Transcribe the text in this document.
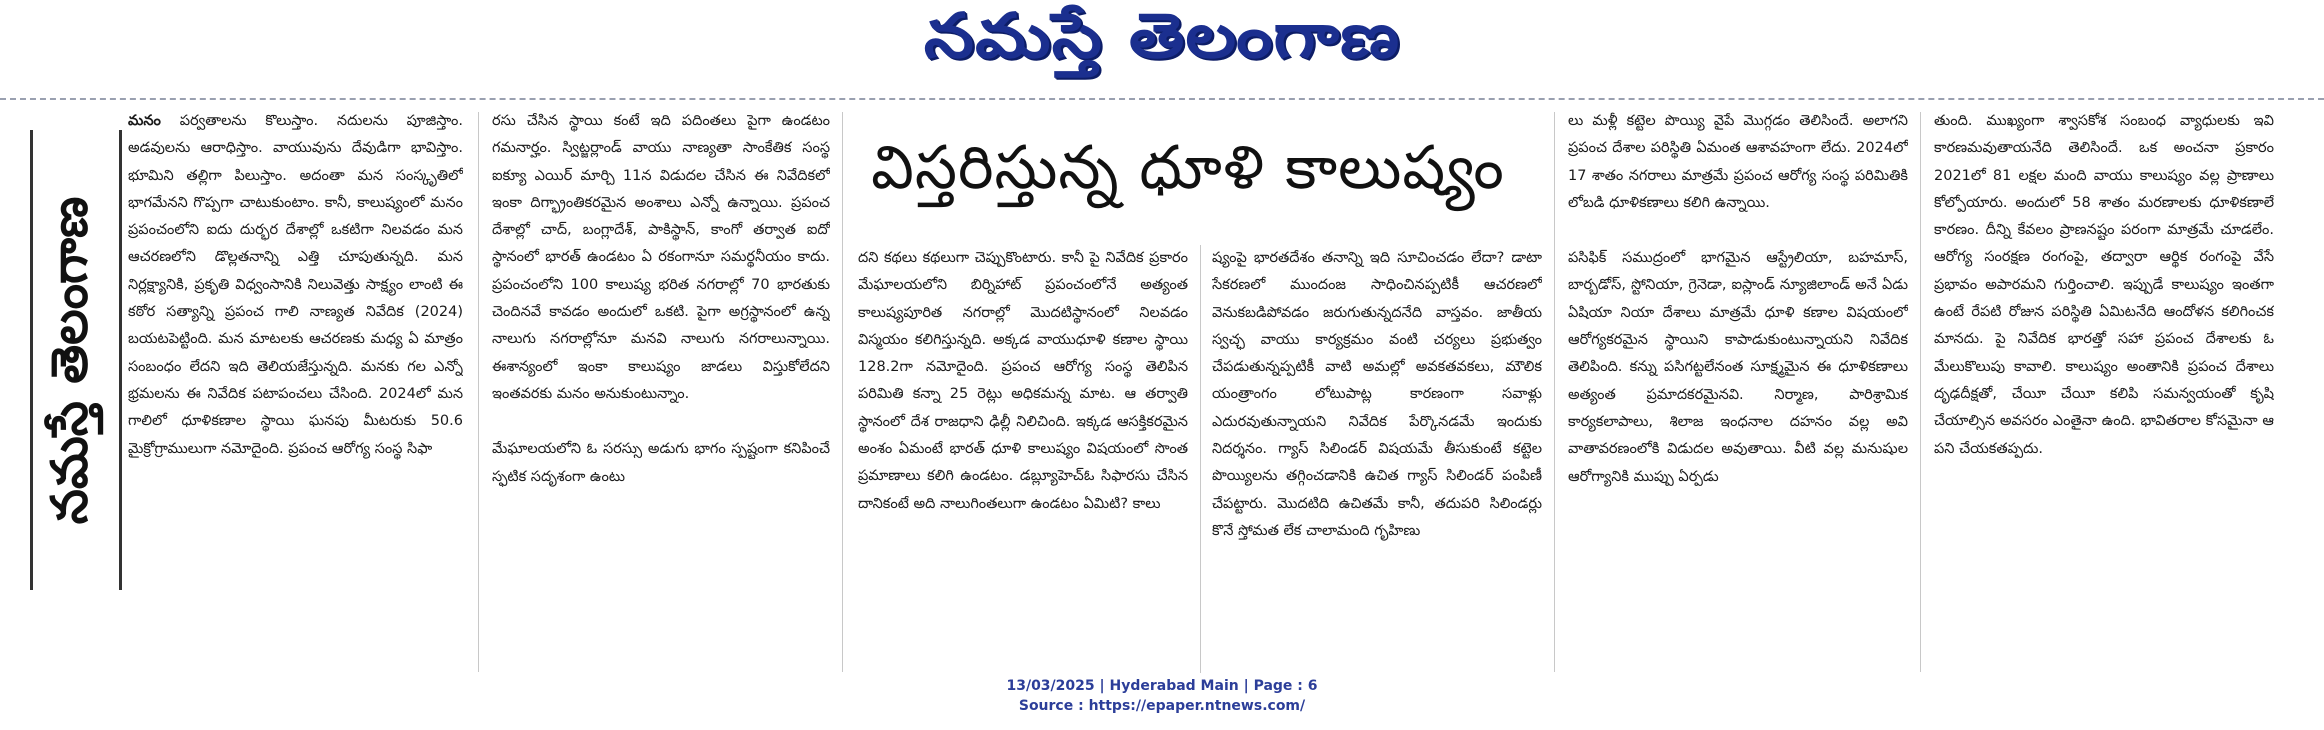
నమస్తే తెలంగాణ
నమస్తే తెలంగాణ
విస్తరిస్తున్న ధూళి కాలుష్యం

మనం పర్వతాలను కొలుస్తాం. నదులను పూజిస్తాం. అడవులను ఆరాధిస్తాం. వాయువును దేవుడిగా భావిస్తాం. భూమిని తల్లిగా పిలుస్తాం. అదంతా మన సంస్కృతిలో భాగమేనని గొప్పగా చాటుకుంటాం. కానీ, కాలుష్యంలో మనం ప్రపంచంలోని ఐదు దుర్భర దేశాల్లో ఒకటిగా నిలవడం మన ఆచరణలోని డొల్లతనాన్ని ఎత్తి చూపుతున్నది. మన నిర్లక్ష్యానికి, ప్రకృతి విధ్వంసానికి నిలువెత్తు సాక్ష్యం లాంటి ఈ కఠోర సత్యాన్ని ప్రపంచ గాలి నాణ్యత నివేదిక (2024) బయటపెట్టింది. మన మాటలకు ఆచరణకు మధ్య ఏ మాత్రం సంబంధం లేదని ఇది తెలియజేస్తున్నది. మనకు గల ఎన్నో భ్రమలను ఈ నివేదిక పటాపంచలు చేసింది. 2024లో మన గాలిలో ధూళికణాల స్థాయి ఘనపు మీటరుకు 50.6 మైక్రోగ్రాములుగా నమోదైంది. ప్రపంచ ఆరోగ్య సంస్థ సిఫా

రసు చేసిన స్థాయి కంటే ఇది పదింతలు పైగా ఉండటం గమనార్హం. స్విట్జర్లాండ్ వాయు నాణ్యతా సాంకేతిక సంస్థ ఐక్యూ ఎయిర్ మార్చి 11న విడుదల చేసిన ఈ నివేదికలో ఇంకా దిగ్భ్రాంతికరమైన అంశాలు ఎన్నో ఉన్నాయి. ప్రపంచ దేశాల్లో చాద్, బంగ్లాదేశ్, పాకిస్థాన్, కాంగో తర్వాత ఐదో స్థానంలో భారత్ ఉండటం ఏ రకంగానూ సమర్థనీయం కాదు. ప్రపంచంలోని 100 కాలుష్య భరిత నగరాల్లో 70 భారతుకు చెందినవే కావడం అందులో ఒకటి. పైగా అగ్రస్థానంలో ఉన్న నాలుగు నగరాల్లోనూ మనవి నాలుగు నగరాలున్నాయి. ఈశాన్యంలో ఇంకా కాలుష్యం జాడలు విస్తుకోలేదని ఇంతవరకు మనం అనుకుంటున్నాం.

మేఘాలయలోని ఓ సరస్సు అడుగు భాగం స్పష్టంగా కనిపించే స్ఫటిక సదృశంగా ఉంటు

దని కథలు కథలుగా చెప్పుకొంటారు. కానీ పై నివేదిక ప్రకారం మేఘాలయలోని బిర్నిహాట్ ప్రపంచంలోనే అత్యంత కాలుష్యపూరిత నగరాల్లో మొదటిస్థానంలో నిలవడం విస్మయం కలిగిస్తున్నది. అక్కడ వాయుధూళి కణాల స్థాయి 128.2గా నమోదైంది. ప్రపంచ ఆరోగ్య సంస్థ తెలిపిన పరిమితి కన్నా 25 రెట్లు అధికమన్న మాట. ఆ తర్వాతి స్థానంలో దేశ రాజధాని ఢిల్లీ నిలిచింది. ఇక్కడ ఆసక్తికరమైన అంశం ఏమంటే భారత్ ధూళి కాలుష్యం విషయంలో సొంత ప్రమాణాలు కలిగి ఉండటం. డబ్ల్యూహెచ్ఓ సిఫారసు చేసిన దానికంటే అది నాలుగింతలుగా ఉండటం ఏమిటి? కాలు

ష్యంపై భారతదేశం తనాన్ని ఇది సూచించడం లేదా? డాటా సేకరణలో ముందంజ సాధించినప్పటికీ ఆచరణలో వెనుకబడిపోవడం జరుగుతున్నదనేది వాస్తవం. జాతీయ స్వచ్ఛ వాయు కార్యక్రమం వంటి చర్యలు ప్రభుత్వం చేపడుతున్నప్పటికీ వాటి అమల్లో అవకతవకలు, మౌలిక యంత్రాంగం లోటుపాట్ల కారణంగా సవాళ్లు ఎదురవుతున్నాయని నివేదిక పేర్కొనడమే ఇందుకు నిదర్శనం. గ్యాస్ సిలిండర్ విషయమే తీసుకుంటే కట్టెల పొయ్యిలను తగ్గించడానికి ఉచిత గ్యాస్ సిలిండర్ పంపిణీ చేపట్టారు. మొదటిది ఉచితమే కానీ, తదుపరి సిలిండర్లు కొనే స్తోమత లేక చాలామంది గృహిణు

లు మళ్లీ కట్టెల పొయ్యి వైపే మొగ్గడం తెలిసిందే. అలాగని ప్రపంచ దేశాల పరిస్థితి ఏమంత ఆశావహంగా లేదు. 2024లో 17 శాతం నగరాలు మాత్రమే ప్రపంచ ఆరోగ్య సంస్థ పరిమితికి లోబడి ధూళికణాలు కలిగి ఉన్నాయి.

పసిఫిక్ సముద్రంలో భాగమైన ఆస్ట్రేలియా, బహమాస్, బార్బడోస్, స్టోనియా, గ్రెనెడా, ఐస్లాండ్ న్యూజిలాండ్ అనే ఏడు ఏషియా నియా దేశాలు మాత్రమే ధూళి కణాల విషయంలో ఆరోగ్యకరమైన స్థాయిని కాపాడుకుంటున్నాయని నివేదిక తెలిపింది. కన్ను పసిగట్టలేనంత సూక్ష్మమైన ఈ ధూళికణాలు అత్యంత ప్రమాదకరమైనవి. నిర్మాణ, పారిశ్రామిక కార్యకలాపాలు, శిలాజ ఇంధనాల దహనం వల్ల అవి వాతావరణంలోకి విడుదల అవుతాయి. వీటి వల్ల మనుషుల ఆరోగ్యానికి ముప్పు ఏర్పడు

తుంది. ముఖ్యంగా శ్వాసకోశ సంబంధ వ్యాధులకు ఇవి కారణమవుతాయనేది తెలిసిందే. ఒక అంచనా ప్రకారం 2021లో 81 లక్షల మంది వాయు కాలుష్యం వల్ల ప్రాణాలు కోల్పోయారు. అందులో 58 శాతం మరణాలకు ధూళికణాలే కారణం. దీన్ని కేవలం ప్రాణనష్టం పరంగా మాత్రమే చూడలేం. ఆరోగ్య సంరక్షణ రంగంపై, తద్వారా ఆర్థిక రంగంపై వేసే ప్రభావం అపారమని గుర్తించాలి. ఇప్పుడే కాలుష్యం ఇంతగా ఉంటే రేపటి రోజున పరిస్థితి ఏమిటనేది ఆందోళన కలిగించక మానదు. పై నివేదిక భారత్తో సహా ప్రపంచ దేశాలకు ఓ మేలుకొలుపు కావాలి. కాలుష్యం అంతానికి ప్రపంచ దేశాలు దృఢదీక్షతో, చేయీ చేయీ కలిపి సమన్వయంతో కృషి చేయాల్సిన అవసరం ఎంతైనా ఉంది. భావితరాల కోసమైనా ఆ పని చేయకతప్పదు.

13/03/2025 | Hyderabad Main | Page : 6
Source : https://epaper.ntnews.com/
